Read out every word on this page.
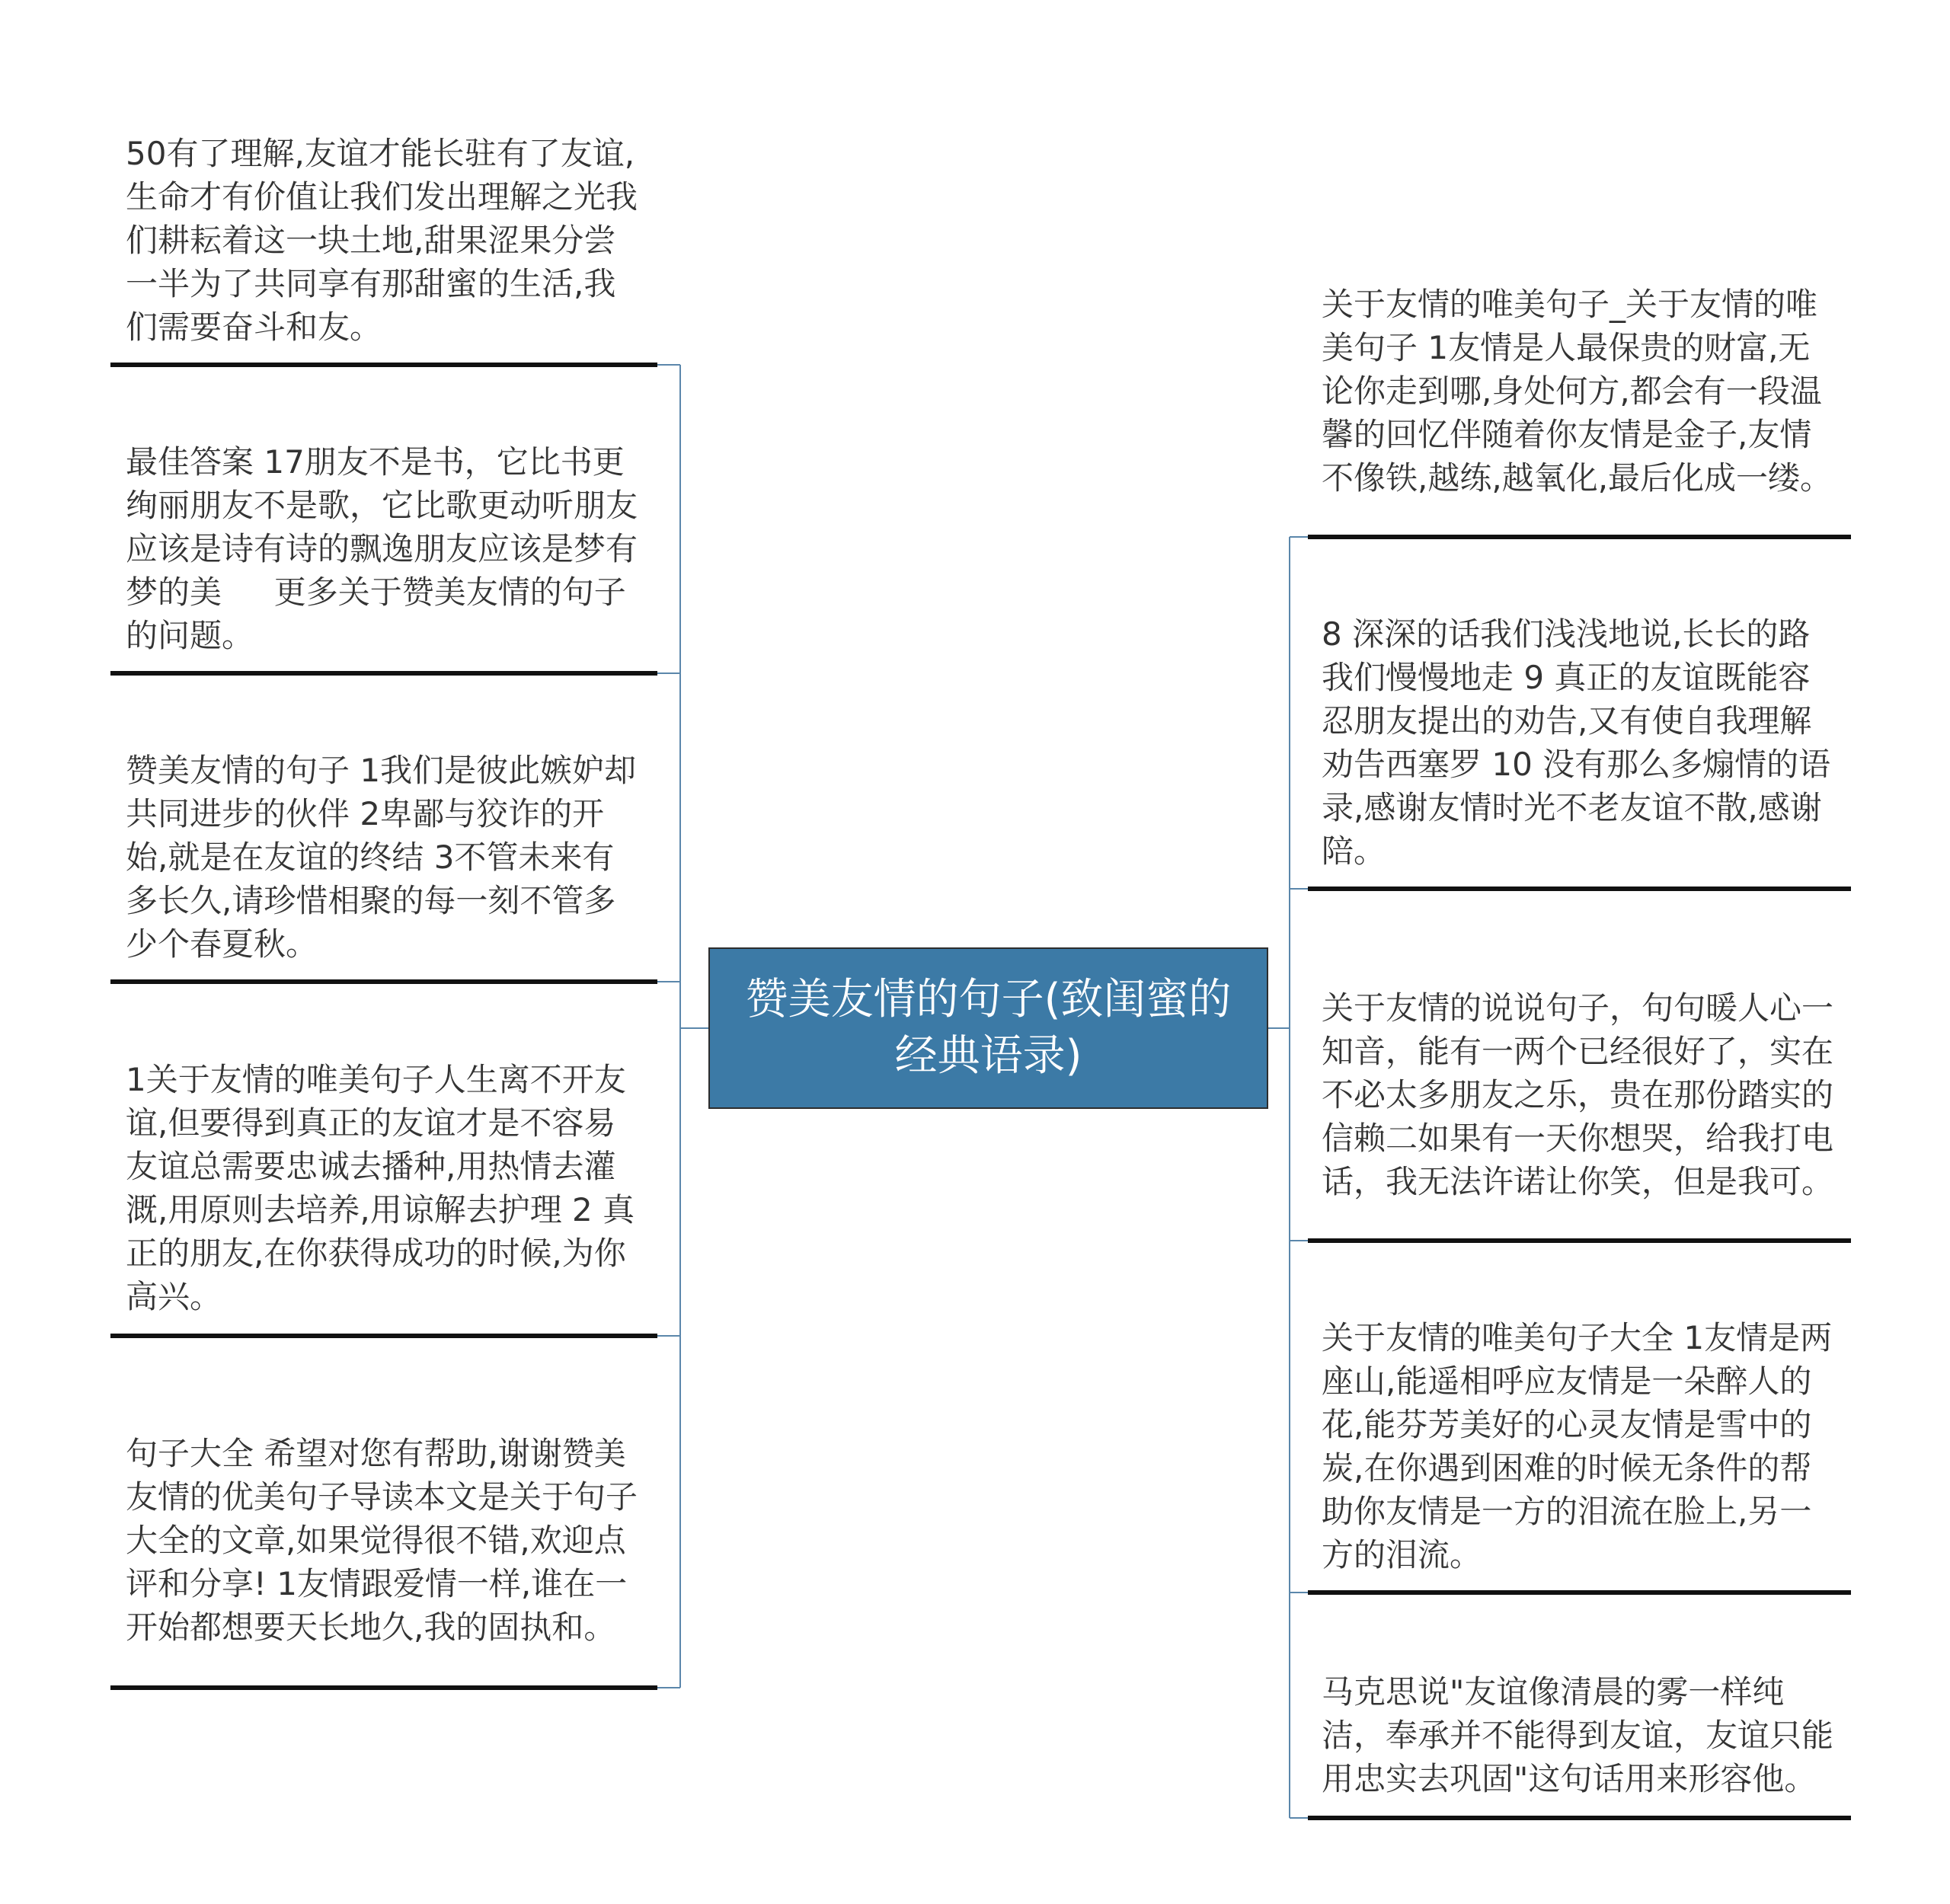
赞美友情的句子(致闺蜜的经典语录)
50有了理解,友谊才能长驻有了友谊,生命才有价值让我们发出理解之光我们耕耘着这一块土地,甜果涩果分尝一半为了共同享有那甜蜜的生活,我们需要奋斗和友。
最佳答案 17朋友不是书，它比书更绚丽朋友不是歌，它比歌更动听朋友应该是诗有诗的飘逸朋友应该是梦有梦的美 　 更多关于赞美友情的句子的问题。
赞美友情的句子 1我们是彼此嫉妒却共同进步的伙伴 2卑鄙与狡诈的开始,就是在友谊的终结 3不管未来有多长久,请珍惜相聚的每一刻不管多少个春夏秋。
1关于友情的唯美句子人生离不开友谊,但要得到真正的友谊才是不容易友谊总需要忠诚去播种,用热情去灌溉,用原则去培养,用谅解去护理 2 真正的朋友,在你获得成功的时候,为你高兴。
句子大全 希望对您有帮助,谢谢赞美友情的优美句子导读本文是关于句子大全的文章,如果觉得很不错,欢迎点 评和分享! 1友情跟爱情一样,谁在一开始都想要天长地久,我的固执和。
关于友情的唯美句子_关于友情的唯美句子 1友情是人最保贵的财富,无论你走到哪,身处何方,都会有一段温馨的回忆伴随着你友情是金子,友情不像铁,越练,越氧化,最后化成一缕。
8 深深的话我们浅浅地说,长长的路我们慢慢地走 9 真正的友谊既能容忍朋友提出的劝告,又有使自我理解劝告西塞罗 10 没有那么多煽情的语录,感谢友情时光不老友谊不散,感谢陪。
关于友情的说说句子，句句暖人心一知音，能有一两个已经很好了，实在不必太多朋友之乐，贵在那份踏实的信赖二如果有一天你想哭，给我打电话，我无法许诺让你笑，但是我可。
关于友情的唯美句子大全 1友情是两座山,能遥相呼应友情是一朵醉人的花,能芬芳美好的心灵友情是雪中的炭,在你遇到困难的时候无条件的帮助你友情是一方的泪流在脸上,另一方的泪流。
马克思说"友谊像清晨的雾一样纯洁，奉承并不能得到友谊，友谊只能用忠实去巩固"这句话用来形容他。
